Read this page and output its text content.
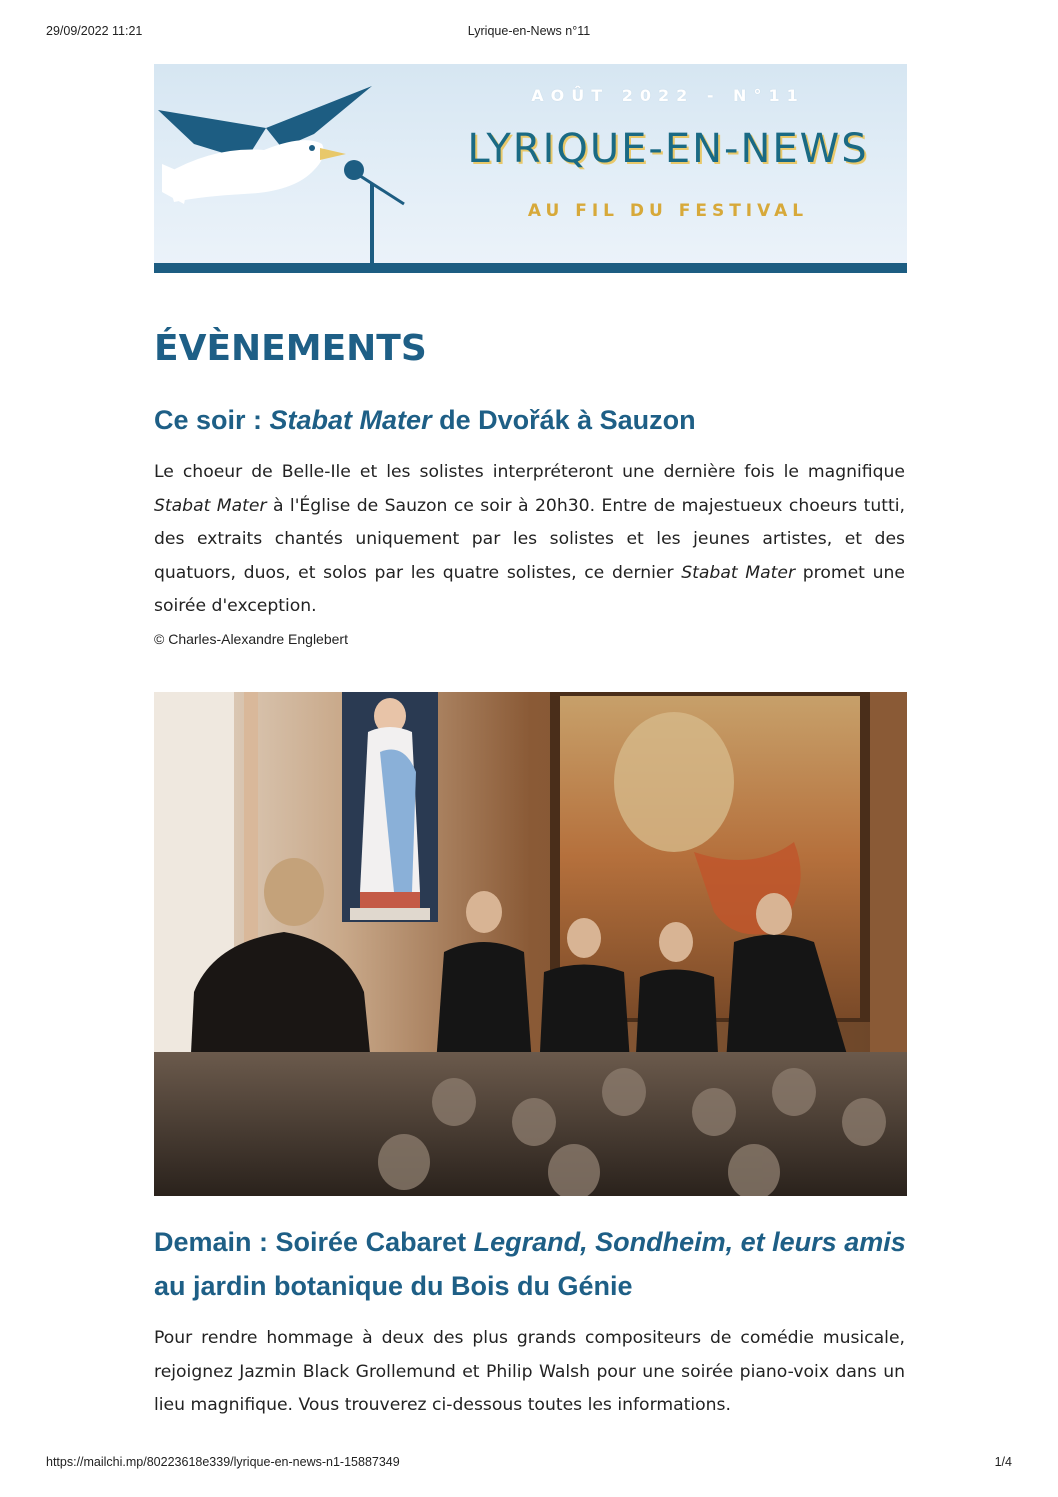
29/09/2022 11:21	Lyrique-en-News n°11
AOÛT 2022 - N°11
LYRIQUE-EN-NEWS
AU FIL DU FESTIVAL
ÉVÈNEMENTS
Ce soir : Stabat Mater de Dvořák à Sauzon

Le choeur de Belle-Ile et les solistes interpréteront une dernière fois le magnifique Stabat Mater à l'Église de Sauzon ce soir à 20h30. Entre de majestueux choeurs tutti, des extraits chantés uniquement par les solistes et les jeunes artistes, et des quatuors, duos, et solos par les quatre solistes, ce dernier Stabat Mater promet une soirée d'exception.

© Charles-Alexandre Englebert

Demain : Soirée Cabaret Legrand, Sondheim, et leurs amis au jardin botanique du Bois du Génie

Pour rendre hommage à deux des plus grands compositeurs de comédie musicale, rejoignez Jazmin Black Grollemund et Philip Walsh pour une soirée piano-voix dans un lieu magnifique. Vous trouverez ci-dessous toutes les informations.

https://mailchi.mp/80223618e339/lyrique-en-news-n1-15887349	1/4
